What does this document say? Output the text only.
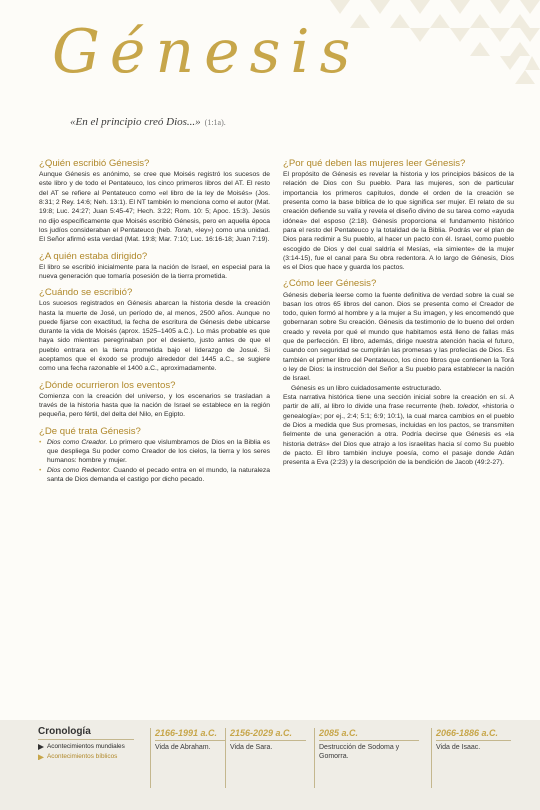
Génesis
«En el principio creó Dios...» (1:1a).
¿Quién escribió Génesis?

Aunque Génesis es anónimo, se cree que Moisés registró los sucesos de este libro y de todo el Pentateuco, los cinco primeros libros del AT. El resto del AT se refiere al Pentateuco como «el libro de la ley de Moisés» (Jos. 8:31; 2 Rey. 14:6; Neh. 13:1). El NT también lo menciona como el autor (Mat. 19:8; Luc. 24:27; Juan 5:45-47; Hech. 3:22; Rom. 10: 5; Apoc. 15:3). Jesús no dijo específicamente que Moisés escribió Génesis, pero en aquella época los judíos consideraban el Pentateuco (heb. Torah, «ley») como una unidad. El Señor afirmó esta verdad (Mat. 19:8; Mar. 7:10; Luc. 16:16-18; Juan 7:19).

¿A quién estaba dirigido?

El libro se escribió inicialmente para la nación de Israel, en especial para la nueva generación que tomaría posesión de la tierra prometida.

¿Cuándo se escribió?

Los sucesos registrados en Génesis abarcan la historia desde la creación hasta la muerte de José, un período de, al menos, 2500 años. Aunque no puede fijarse con exactitud, la fecha de escritura de Génesis debe ubicarse durante la vida de Moisés (aprox. 1525–1405 a.C.). Lo más probable es que haya sido mientras peregrinaban por el desierto, justo antes de que el pueblo entrara en la tierra prometida bajo el liderazgo de Josué. Si aceptamos que el éxodo se produjo alrededor del 1445 a.C., se sugiere como una fecha razonable el 1400 a.C., aproximadamente.

¿Dónde ocurrieron los eventos?

Comienza con la creación del universo, y los escenarios se trasladan a través de la historia hasta que la nación de Israel se establece en la región pequeña, pero fértil, del delta del Nilo, en Egipto.

¿De qué trata Génesis?
• Dios como Creador. Lo primero que vislumbramos de Dios en la Biblia es que despliega Su poder como Creador de los cielos, la tierra y los seres humanos: hombre y mujer.
• Dios como Redentor. Cuando el pecado entra en el mundo, la naturaleza santa de Dios demanda el castigo por dicho pecado.
¿Por qué deben las mujeres leer Génesis?

El propósito de Génesis es revelar la historia y los principios básicos de la relación de Dios con Su pueblo. Para las mujeres, son de particular importancia los primeros capítulos, donde el orden de la creación se presenta como la base bíblica de lo que significa ser mujer. El relato de su creación defiende su valía y revela el diseño divino de su tarea como «ayuda idónea» del esposo (2:18). Génesis proporciona el fundamento histórico para el resto del Pentateuco y la totalidad de la Biblia. Podrás ver el plan de Dios para redimir a Su pueblo, al hacer un pacto con él. Israel, como pueblo escogido de Dios y del cual saldría el Mesías, «la simiente» de la mujer (3:14-15), fue el canal para Su obra redentora. A lo largo de Génesis, Dios es el Dios que hace y guarda los pactos.

¿Cómo leer Génesis?

Génesis debería leerse como la fuente definitiva de verdad sobre la cual se basan los otros 65 libros del canon. Dios se presenta como el Creador de todo, quien formó al hombre y a la mujer a Su imagen, y les encomendó que gobernaran sobre Su creación. Génesis da testimonio de lo bueno del orden creado y revela por qué el mundo que habitamos está lleno de fallas más que de perfección. El libro, además, dirige nuestra atención hacia el futuro, cuando con seguridad se cumplirán las promesas y las profecías de Dios. Es también el primer libro del Pentateuco, los cinco libros que contienen la Torá o ley de Dios: la instrucción del Señor a Su pueblo para establecer la nación de Israel.

Génesis es un libro cuidadosamente estructurado.

Esta narrativa histórica tiene una sección inicial sobre la creación en sí. A partir de allí, al libro lo divide una frase recurrente (heb. toledot, «historia o genealogía»; por ej., 2:4; 5:1; 6:9; 10:1), la cual marca cambios en el pueblo de Dios a medida que Sus promesas, incluidas en los pactos, se transmiten fielmente de una generación a otra. Podría decirse que Génesis es «la historia detrás» del Dios que atrajo a los israelitas hacia sí como Su pueblo de pacto. El libro también incluye poesía, como el pasaje donde Adán presenta a Eva (2:23) y la descripción de la bendición de Jacob (49:2-27).

Cronología
Acontecimientos mundiales
Acontecimientos bíblicos
2166-1991 a.C.
Vida de Abraham.
2156-2029 a.C.
Vida de Sara.
2085 a.C.
Destrucción de Sodoma y Gomorra.
2066-1886 a.C.
Vida de Isaac.
